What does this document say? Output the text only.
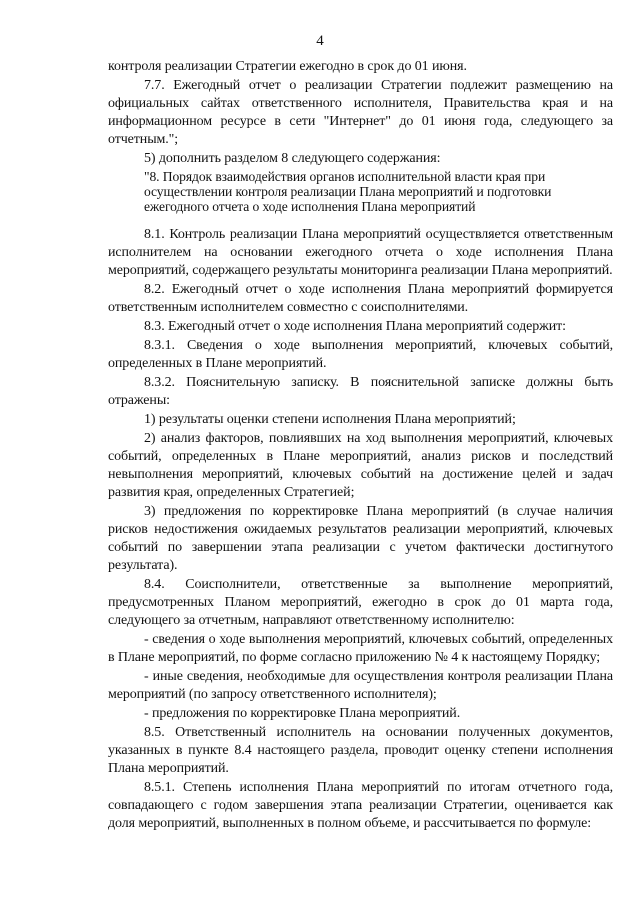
4

контроля реализации Стратегии ежегодно в срок до 01 июня.

7.7. Ежегодный отчет о реализации Стратегии подлежит размещению на официальных сайтах ответственного исполнителя, Правительства края и на информационном ресурсе в сети "Интернет" до 01 июня года, следующего за отчетным.";

5) дополнить разделом 8 следующего содержания:

"8. Порядок взаимодействия органов исполнительной власти края при осуществлении контроля реализации Плана мероприятий и подготовки ежегодного отчета о ходе исполнения Плана мероприятий

8.1. Контроль реализации Плана мероприятий осуществляется ответственным исполнителем на основании ежегодного отчета о ходе исполнения Плана мероприятий, содержащего результаты мониторинга реализации Плана мероприятий.

8.2. Ежегодный отчет о ходе исполнения Плана мероприятий формируется ответственным исполнителем совместно с соисполнителями.

8.3. Ежегодный отчет о ходе исполнения Плана мероприятий содержит:

8.3.1. Сведения о ходе выполнения мероприятий, ключевых событий, определенных в Плане мероприятий.

8.3.2. Пояснительную записку. В пояснительной записке должны быть отражены:

1) результаты оценки степени исполнения Плана мероприятий;

2) анализ факторов, повлиявших на ход выполнения мероприятий, ключевых событий, определенных в Плане мероприятий, анализ рисков и последствий невыполнения мероприятий, ключевых событий на достижение целей и задач развития края, определенных Стратегией;

3) предложения по корректировке Плана мероприятий (в случае наличия рисков недостижения ожидаемых результатов реализации мероприятий, ключевых событий по завершении этапа реализации с учетом фактически достигнутого результата).

8.4. Соисполнители, ответственные за выполнение мероприятий, предусмотренных Планом мероприятий, ежегодно в срок до 01 марта года, следующего за отчетным, направляют ответственному исполнителю:

- сведения о ходе выполнения мероприятий, ключевых событий, определенных в Плане мероприятий, по форме согласно приложению № 4 к настоящему Порядку;

- иные сведения, необходимые для осуществления контроля реализации Плана мероприятий (по запросу ответственного исполнителя);

- предложения по корректировке Плана мероприятий.

8.5. Ответственный исполнитель на основании полученных документов, указанных в пункте 8.4 настоящего раздела, проводит оценку степени исполнения Плана мероприятий.

8.5.1. Степень исполнения Плана мероприятий по итогам отчетного года, совпадающего с годом завершения этапа реализации Стратегии, оценивается как доля мероприятий, выполненных в полном объеме, и рассчитывается по формуле:
